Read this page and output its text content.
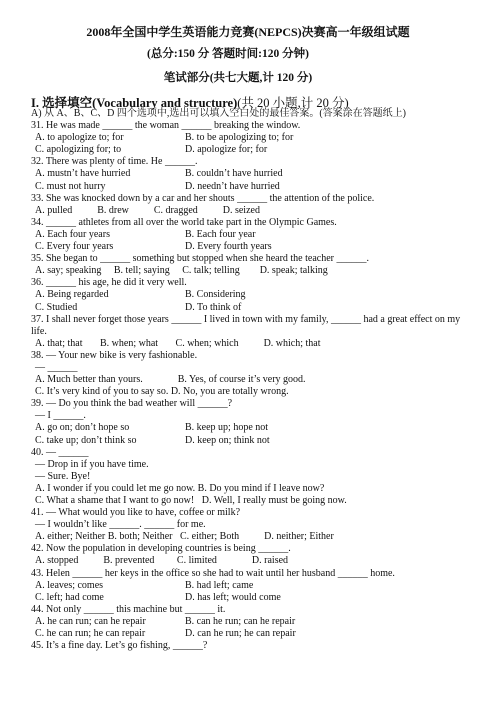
2008年全国中学生英语能力竞赛(NEPCS)决赛高一年级组试题
(总分:150 分 答题时间:120 分钟)
笔试部分(共七大题,计 120 分)
I. 选择填空(Vocabulary and structure)(共 20 小题,计 20 分)
A) 从 A、B、C、D 四个选项中,选出可以填入空白处的最佳答案。(答案涂在答题纸上)
31. He was made ______ the woman ______ breaking the window.
A. to apologize to; for	B. to be apologizing to; for
C. apologizing for; to	D. apologize for; for
32. There was plenty of time. He ______.
A. mustn’t have hurried	B. couldn’t have hurried
C. must not hurry	D. needn’t have hurried
33. She was knocked down by a car and her shouts ______ the attention of the police.
A. pulled          B. drew          C. dragged          D. seized
34. ______ athletes from all over the world take part in the Olympic Games.
A. Each four years	B. Each four year
C. Every four years	D. Every fourth years
35. She began to ______ something but stopped when she heard the teacher ______.
A. say; speaking     B. tell; saying     C. talk; telling        D. speak; talking
36. ______ his age, he did it very well.
A. Being regarded	B. Considering
C. Studied	D. To think of
37. I shall never forget those years ______ I lived in town with my family, ______ had a great effect on my life.
A. that; that       B. when; what       C. when; which          D. which; that
38. — Your new bike is very fashionable.
— ______
A. Much better than yours.              B. Yes, of course it’s very good.
C. It’s very kind of you to say so. D. No, you are totally wrong.
39. — Do you think the bad weather will ______?
— I ______.
A. go on; don’t hope so	B. keep up; hope not
C. take up; don’t think so	D. keep on; think not
40. — ______
— Drop in if you have time.
— Sure. Bye!
A. I wonder if you could let me go now. B. Do you mind if I leave now?
C. What a shame that I want to go now!   D. Well, I really must be going now.
41. — What would you like to have, coffee or milk?
— I wouldn’t like ______. ______ for me.
A. either; Neither B. both; Neither   C. either; Both          D. neither; Either
42. Now the population in developing countries is being ______.
A. stopped          B. prevented         C. limited              D. raised
43. Helen ______ her keys in the office so she had to wait until her husband ______ home.
A. leaves; comes	B. had left; came
C. left; had come	D. has left; would come
44. Not only ______ this machine but ______ it.
A. he can run; can he repair	B. can he run; can he repair
C. he can run; he can repair	D. can he run; he can repair
45. It’s a fine day. Let’s go fishing, ______?
